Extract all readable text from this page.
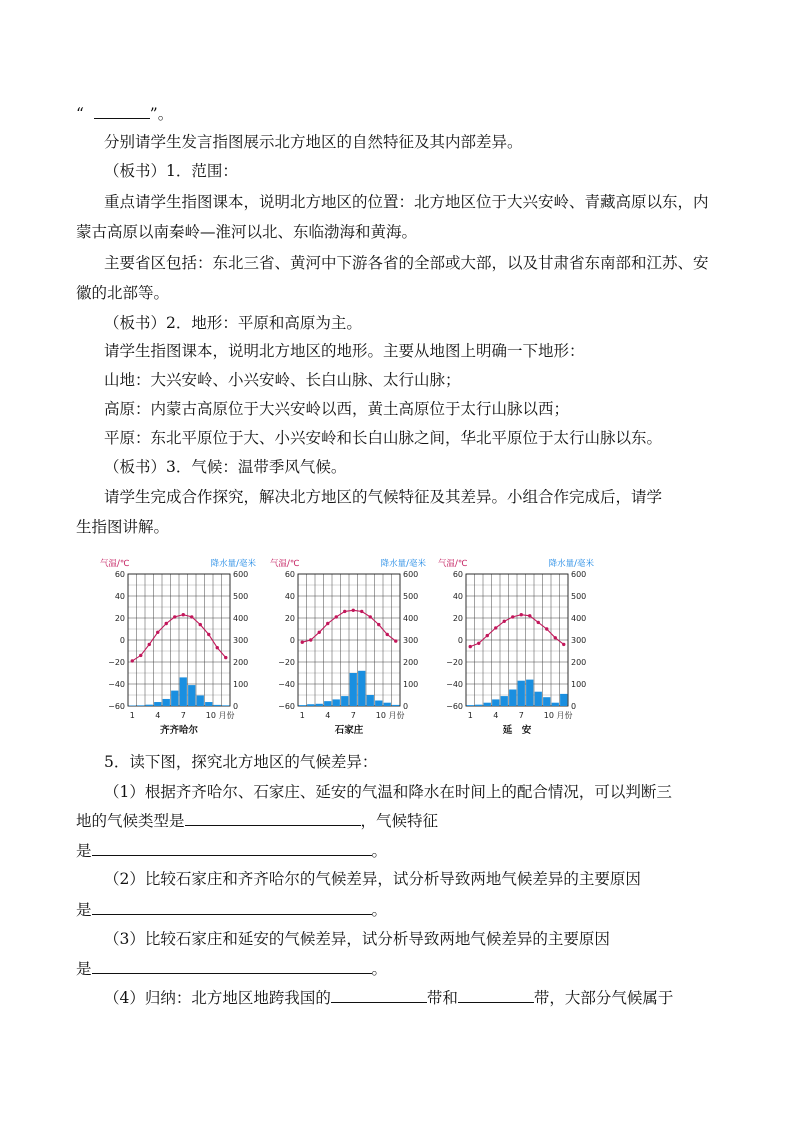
“	”。

分别请学生发言指图展示北方地区的自然特征及其内部差异。

（板书）1．范围：

重点请学生指图课本，说明北方地区的位置：北方地区位于大兴安岭、青藏高原以东，内

蒙古高原以南秦岭—淮河以北、东临渤海和黄海。

主要省区包括：东北三省、黄河中下游各省的全部或大部，以及甘肃省东南部和江苏、安

徽的北部等。

（板书）2．地形：平原和高原为主。

请学生指图课本，说明北方地区的地形。主要从地图上明确一下地形：

山地：大兴安岭、小兴安岭、长白山脉、太行山脉；

高原：内蒙古高原位于大兴安岭以西，黄土高原位于太行山脉以西；

平原：东北平原位于大、小兴安岭和长白山脉之间，华北平原位于太行山脉以东。

（板书）3．气候：温带季风气候。

请学生完成合作探究，解决北方地区的气候特征及其差异。小组合作完成后，请学

生指图讲解。

气温/℃	降水量/毫米
60
40
20
0
−20
−40
−60
600
500
400
300
200
100
0
1	4	7 10 月份
齐齐哈尔
气温/℃	降水量/毫米
60
40
20
0
−20
−40
−60
600
500
400
300
200
100
0
1	4	7 10 月份
石家庄
气温/℃	降水量/毫米
60
40
20
0
−20
−40
−60
600
500
400
300
200
100
0
1	4	7 10 月份
延　安

5．读下图，探究北方地区的气候差异：

（1）根据齐齐哈尔、石家庄、延安的气温和降水在时间上的配合情况，可以判断三

地的气候类型是	，气候特征

是	。

（2）比较石家庄和齐齐哈尔的气候差异，试分析导致两地气候差异的主要原因

是	。

（3）比较石家庄和延安的气候差异，试分析导致两地气候差异的主要原因

是	。

（4）归纳：北方地区地跨我国的	带和	带，大部分气候属于
